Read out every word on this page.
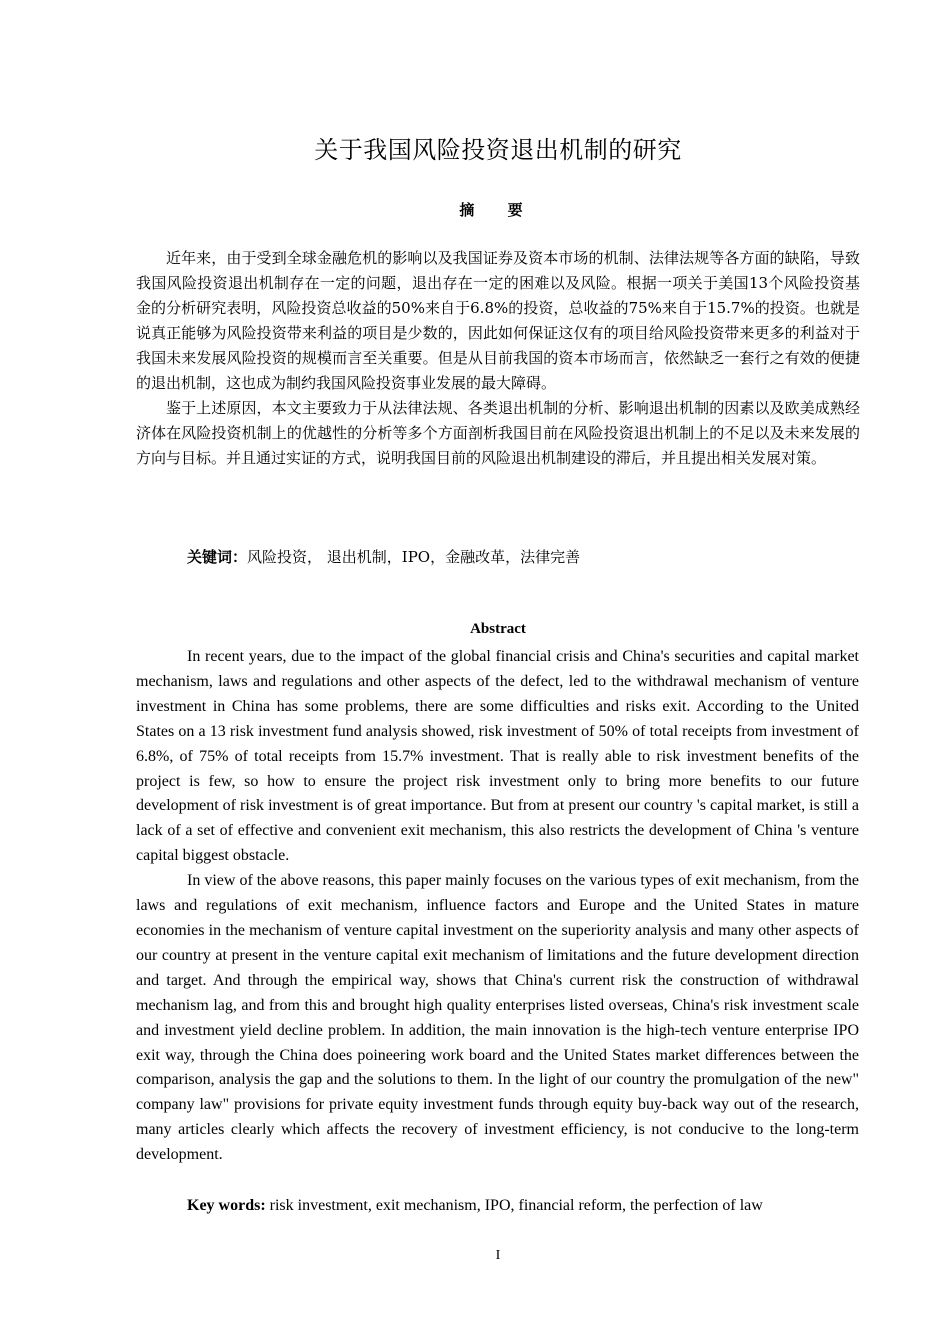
关于我国风险投资退出机制的研究
摘 要

近年来，由于受到全球金融危机的影响以及我国证券及资本市场的机制、法律法规等各方面的缺陷，导致我国风险投资退出机制存在一定的问题，退出存在一定的困难以及风险。根据一项关于美国13个风险投资基金的分析研究表明，风险投资总收益的50%来自于6.8%的投资，总收益的75%来自于15.7%的投资。也就是说真正能够为风险投资带来利益的项目是少数的，因此如何保证这仅有的项目给风险投资带来更多的利益对于我国未来发展风险投资的规模而言至关重要。但是从目前我国的资本市场而言，依然缺乏一套行之有效的便捷的退出机制，这也成为制约我国风险投资事业发展的最大障碍。

鉴于上述原因，本文主要致力于从法律法规、各类退出机制的分析、影响退出机制的因素以及欧美成熟经济体在风险投资机制上的优越性的分析等多个方面剖析我国目前在风险投资退出机制上的不足以及未来发展的方向与目标。并且通过实证的方式，说明我国目前的风险退出机制建设的滞后，并且提出相关发展对策。

关键词：风险投资， 退出机制，IPO，金融改革，法律完善
Abstract

In recent years, due to the impact of the global financial crisis and China's securities and capital market mechanism, laws and regulations and other aspects of the defect, led to the withdrawal mechanism of venture investment in China has some problems, there are some difficulties and risks exit. According to the United States on a 13 risk investment fund analysis showed, risk investment of 50% of total receipts from investment of 6.8%, of 75% of total receipts from 15.7% investment. That is really able to risk investment benefits of the project is few, so how to ensure the project risk investment only to bring more benefits to our future development of risk investment is of great importance. But from at present our country 's capital market, is still a lack of a set of effective and convenient exit mechanism, this also restricts the development of China 's venture capital biggest obstacle.

In view of the above reasons, this paper mainly focuses on the various types of exit mechanism, from the laws and regulations of exit mechanism, influence factors and Europe and the United States in mature economies in the mechanism of venture capital investment on the superiority analysis and many other aspects of our country at present in the venture capital exit mechanism of limitations and the future development direction and target. And through the empirical way, shows that China's current risk the construction of withdrawal mechanism lag, and from this and brought high quality enterprises listed overseas, China's risk investment scale and investment yield decline problem. In addition, the main innovation is the high-tech venture enterprise IPO exit way, through the China does poineering work board and the United States market differences between the comparison, analysis the gap and the solutions to them. In the light of our country the promulgation of the new" company law" provisions for private equity investment funds through equity buy-back way out of the research, many articles clearly which affects the recovery of investment efficiency, is not conducive to the long-term development.

Key words: risk investment, exit mechanism, IPO, financial reform, the perfection of law
I
